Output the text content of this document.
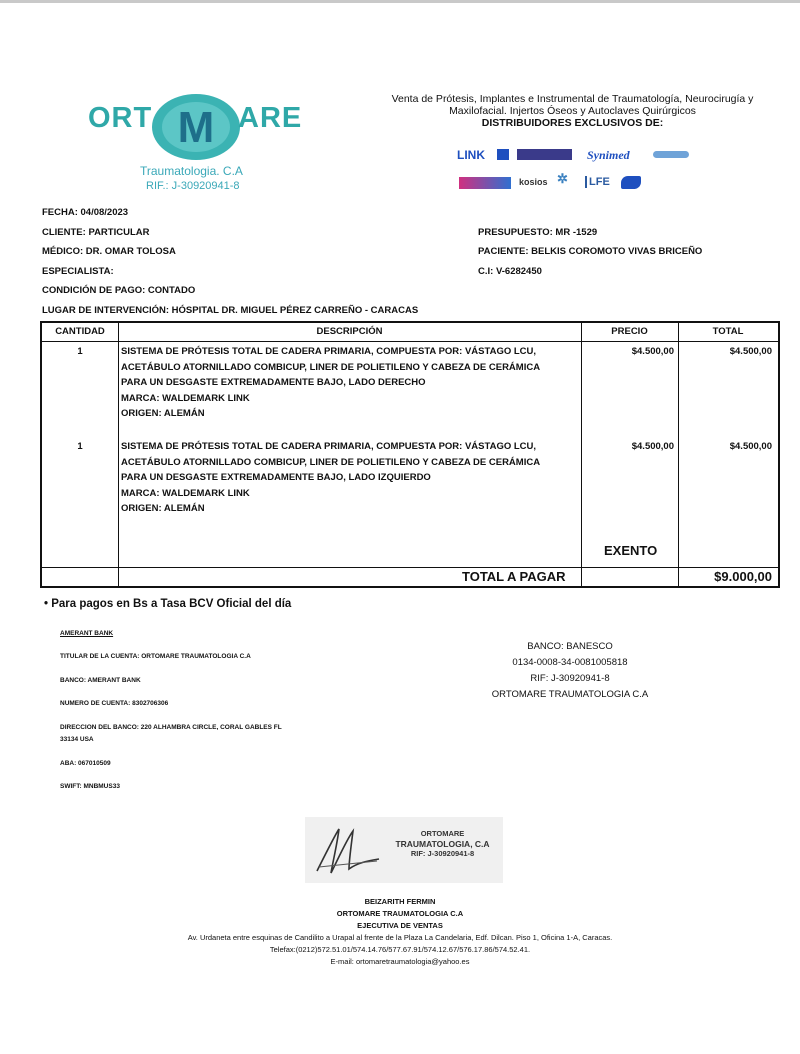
ORT M ARE
Traumatologia. C.A
RIF.: J-30920941-8
Venta de Prótesis, Implantes e Instrumental de Traumatología, Neurocirugía y
Maxilofacial. Injertos Óseos y Autoclaves Quirúrgicos
DISTRIBUIDORES EXCLUSIVOS DE:
LINK	Synimed
kosios ✲	LFE
FECHA: 04/08/2023
CLIENTE: PARTICULAR
MÉDICO: DR. OMAR TOLOSA
ESPECIALISTA:
CONDICIÓN DE PAGO: CONTADO
LUGAR DE INTERVENCIÓN: HÓSPITAL DR. MIGUEL PÉREZ CARREÑO - CARACAS
PRESUPUESTO: MR -1529
PACIENTE: BELKIS COROMOTO VIVAS BRICEÑO
C.I: V-6282450
CANTIDAD	DESCRIPCIÓN	PRECIO	TOTAL
1	SISTEMA DE PRÓTESIS TOTAL DE CADERA PRIMARIA, COMPUESTA POR: VÁSTAGO LCU,
ACETÁBULO ATORNILLADO COMBICUP, LINER DE POLIETILENO Y CABEZA DE CERÁMICA
PARA UN DESGASTE EXTREMADAMENTE BAJO, LADO DERECHO
MARCA: WALDEMARK LINK
ORIGEN: ALEMÁN
$4.500,00	$4.500,00
1	SISTEMA DE PRÓTESIS TOTAL DE CADERA PRIMARIA, COMPUESTA POR: VÁSTAGO LCU,
ACETÁBULO ATORNILLADO COMBICUP, LINER DE POLIETILENO Y CABEZA DE CERÁMICA
PARA UN DESGASTE EXTREMADAMENTE BAJO, LADO IZQUIERDO
MARCA: WALDEMARK LINK
ORIGEN: ALEMÁN
$4.500,00	$4.500,00
EXENTO
TOTAL A PAGAR	$9.000,00
• Para pagos en Bs a Tasa BCV Oficial del día
AMERANT BANK
TITULAR DE LA CUENTA: ORTOMARE TRAUMATOLOGIA C.A
BANCO: AMERANT BANK
NUMERO DE CUENTA: 8302706306
DIRECCION DEL BANCO: 220 ALHAMBRA CIRCLE, CORAL GABLES FL
33134 USA
ABA: 067010509
SWIFT: MNBMUS33
BANCO: BANESCO
0134-0008-34-0081005818
RIF: J-30920941-8
ORTOMARE TRAUMATOLOGIA C.A
ORTOMARE
TRAUMATOLOGIA, C.A
RIF: J-30920941-8
BEIZARITH FERMIN
ORTOMARE TRAUMATOLOGIA C.A
EJECUTIVA DE VENTAS
Av. Urdaneta entre esquinas de Candilito a Urapal al frente de la Plaza La Candelaria, Edf. Dilcan. Piso 1, Oficina 1-A, Caracas.
Telefax:(0212)572.51.01/574.14.76/577.67.91/574.12.67/576.17.86/574.52.41.
E-mail: ortomaretraumatologia@yahoo.es
